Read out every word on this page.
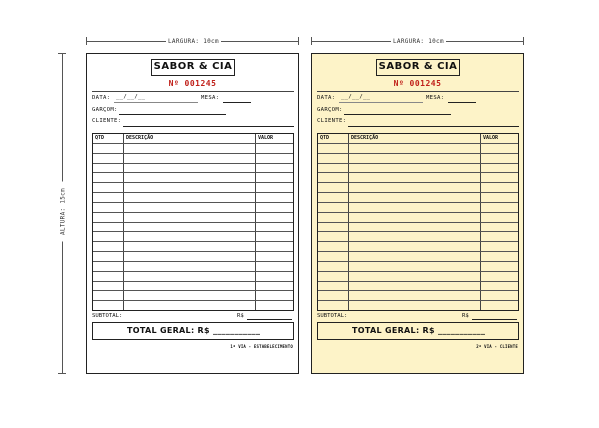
LARGURA: 10cm	LARGURA: 10cm
ALTURA: 15cm
SABOR & CIA
Nº 001245
DATA: __/__/__	MESA:
GARÇOM:
CLIENTE:
QTD	DESCRIÇÃO	VALOR
SUBTOTAL:	R$
TOTAL GERAL: R$ ___________
1ª VIA - ESTABELECIMENTO
SABOR & CIA
Nº 001245
DATA: __/__/__	MESA:
GARÇOM:
CLIENTE:
QTD	DESCRIÇÃO	VALOR
SUBTOTAL:	R$
TOTAL GERAL: R$ ___________
2ª VIA - CLIENTE
